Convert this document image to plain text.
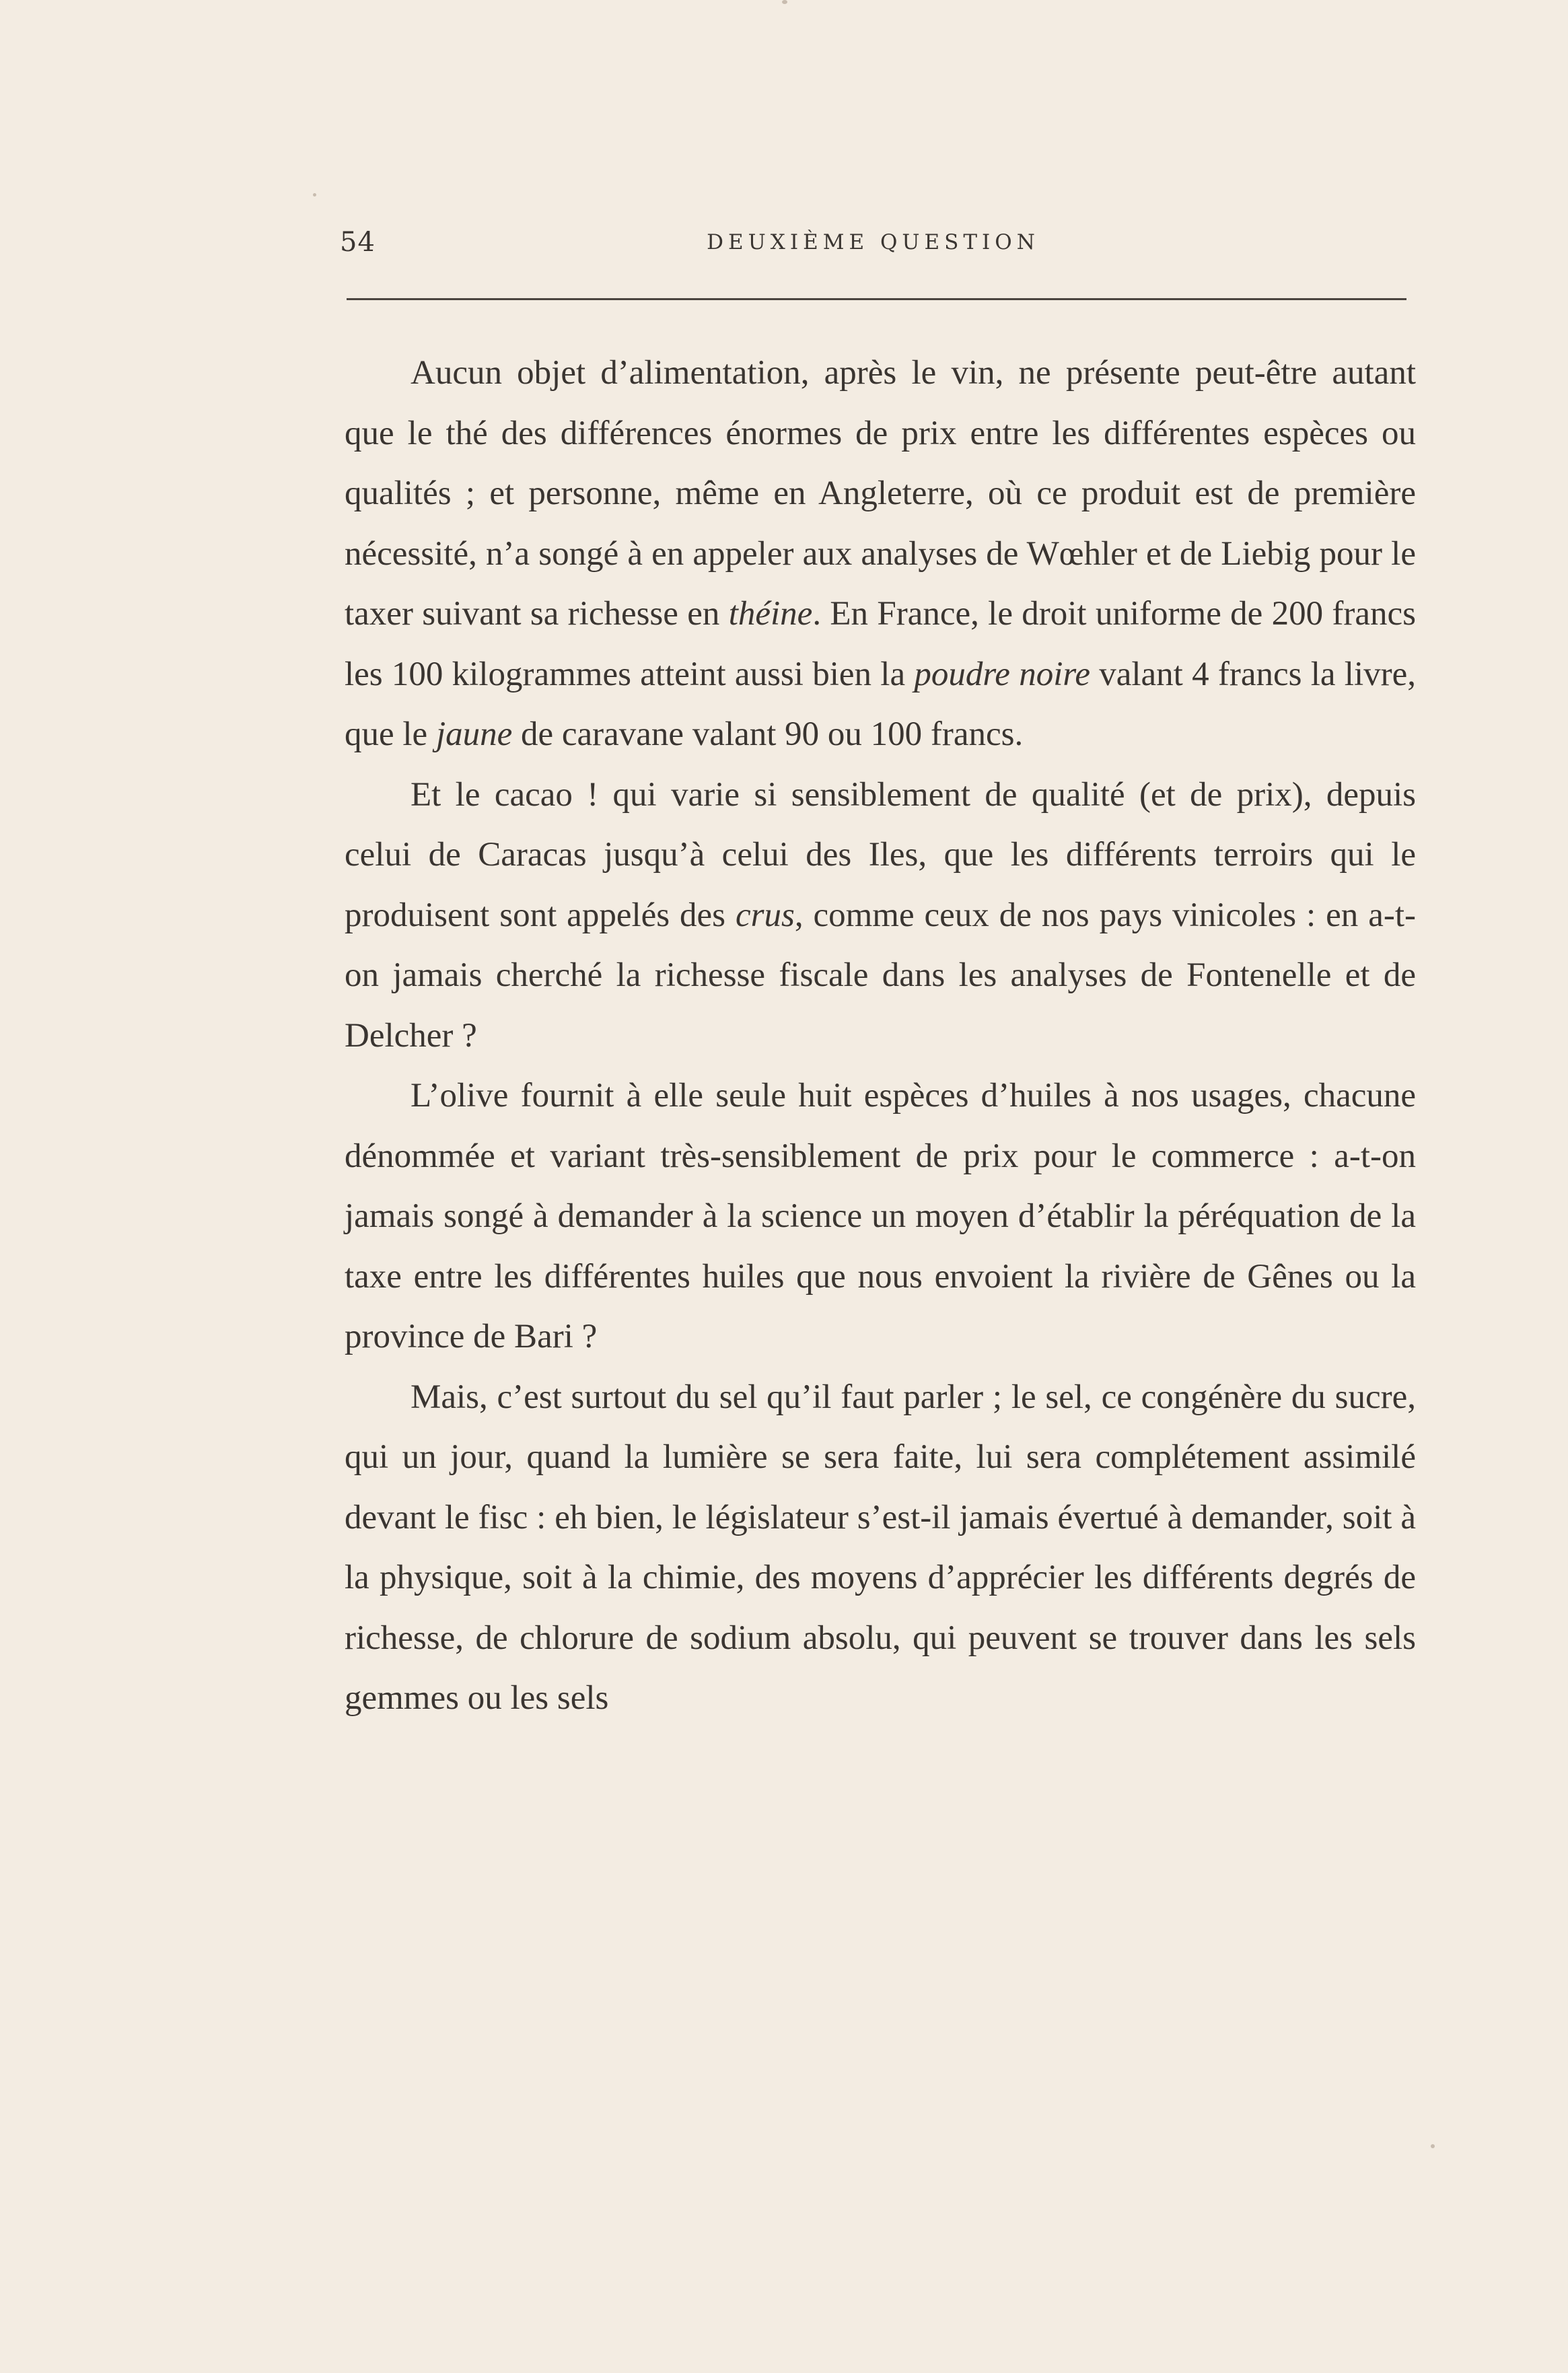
54	DEUXIÈME QUESTION

Aucun objet d’alimentation, après le vin, ne présente peut-être autant que le thé des différences énormes de prix entre les différentes espèces ou qualités ; et personne, même en Angleterre, où ce produit est de première nécessité, n’a songé à en appeler aux analyses de Wœhler et de Liebig pour le taxer suivant sa richesse en théine. En France, le droit uniforme de 200 francs les 100 kilogrammes atteint aussi bien la poudre noire valant 4 francs la livre, que le jaune de caravane valant 90 ou 100 francs.

Et le cacao ! qui varie si sensiblement de qualité (et de prix), depuis celui de Caracas jusqu’à celui des Iles, que les différents terroirs qui le produisent sont appelés des crus, comme ceux de nos pays vinicoles : en a-t-on jamais cherché la richesse fiscale dans les analyses de Fontenelle et de Delcher ?

L’olive fournit à elle seule huit espèces d’huiles à nos usages, chacune dénommée et variant très-sensiblement de prix pour le commerce : a-t-on jamais songé à demander à la science un moyen d’établir la péréquation de la taxe entre les différentes huiles que nous envoient la rivière de Gênes ou la province de Bari ?

Mais, c’est surtout du sel qu’il faut parler ; le sel, ce congénère du sucre, qui un jour, quand la lumière se sera faite, lui sera complétement assimilé devant le fisc : eh bien, le législateur s’est-il jamais évertué à demander, soit à la physique, soit à la chimie, des moyens d’apprécier les différents degrés de richesse, de chlorure de sodium absolu, qui peuvent se trouver dans les sels gemmes ou les sels
